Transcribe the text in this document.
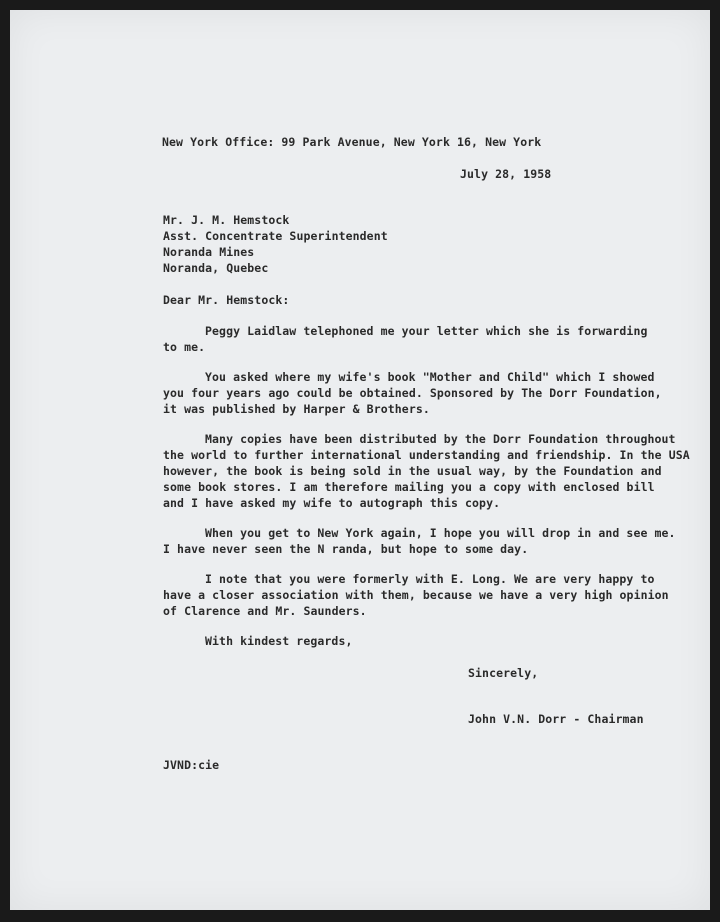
New York Office: 99 Park Avenue, New York 16, New York
July 28, 1958
Mr. J. M. Hemstock
Asst. Concentrate Superintendent
Noranda Mines
Noranda, Quebec
Dear Mr. Hemstock:
Peggy Laidlaw telephoned me your letter which she is forwarding
to me.
You asked where my wife's book "Mother and Child" which I showed
you four years ago could be obtained. Sponsored by The Dorr Foundation,
it was published by Harper & Brothers.
Many copies have been distributed by the Dorr Foundation throughout
the world to further international understanding and friendship. In the USA
however, the book is being sold in the usual way, by the Foundation and
some book stores. I am therefore mailing you a copy with enclosed bill
and I have asked my wife to autograph this copy.
When you get to New York again, I hope you will drop in and see me.
I have never seen the N randa, but hope to some day.
I note that you were formerly with E. Long. We are very happy to
have a closer association with them, because we have a very high opinion
of Clarence and Mr. Saunders.
With kindest regards,
Sincerely,
John V.N. Dorr - Chairman
JVND:cie
